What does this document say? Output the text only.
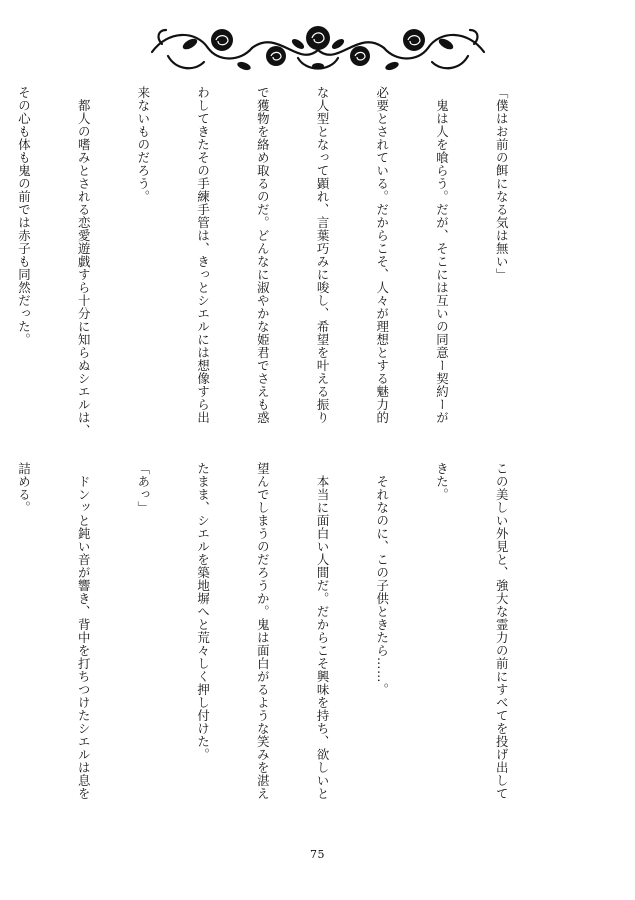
「僕はお前の餌になる気は無い」

　鬼は人を喰らう。だが、そこには互いの同意ー契約ーが

必要とされている。だからこそ、人々が理想とする魅力的

な人型となって顕れ、言葉巧みに唆し、希望を叶える振り

で獲物を絡め取るのだ。どんなに淑やかな姫君でさえも惑

わしてきたその手練手管は、きっとシエルには想像すら出

来ないものだろう。

　都人の嗜みとされる恋愛遊戯すら十分に知らぬシエルは、

その心も体も鬼の前では赤子も同然だった。

この美しい外見と、強大な霊力の前にすべてを投げ出して

きた。

　それなのに、この子供ときたら……。

　本当に面白い人間だ。だからこそ興味を持ち、欲しいと

望んでしまうのだろうか。鬼は面白がるような笑みを湛え

たまま、シエルを築地塀へと荒々しく押し付けた。

「あっ」

　ドンッと鈍い音が響き、背中を打ちつけたシエルは息を

詰める。

75
